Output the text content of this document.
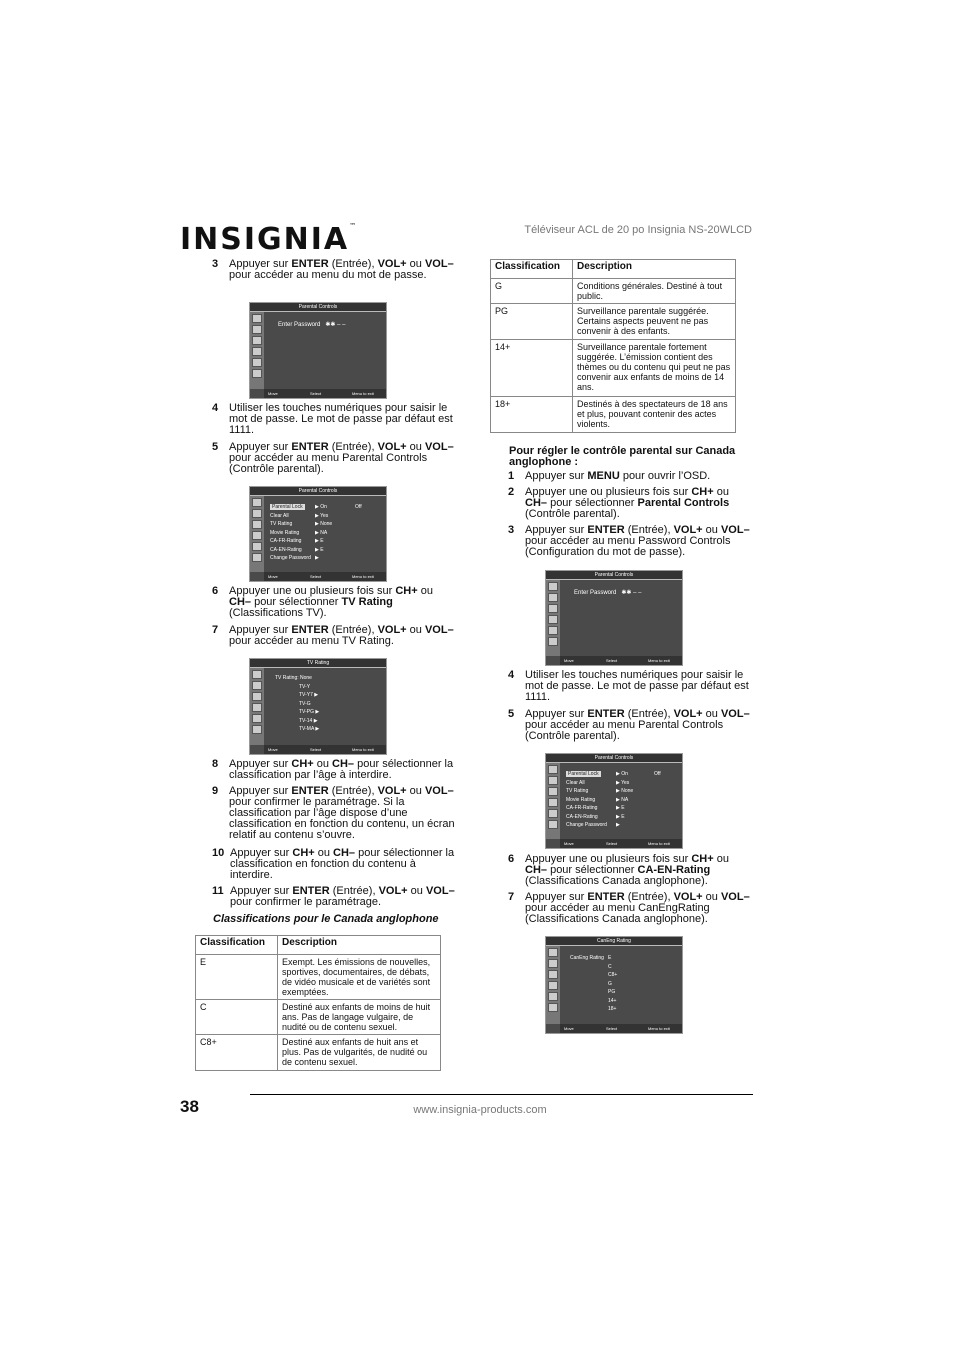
INSIGNIA™	Téléviseur ACL de 20 po Insignia NS-20WLCD
3 Appuyer sur ENTER (Entrée), VOL+ ou VOL– pour accéder au menu du mot de passe.
Parental Controls
Enter Password ✱✱ – –
Move	Select	Menu to exit
4 Utiliser les touches numériques pour saisir le mot de passe. Le mot de passe par défaut est 1111.
5 Appuyer sur ENTER (Entrée), VOL+ ou VOL– pour accéder au menu Parental Controls (Contrôle parental).
Parental Controls
Parental Lock ▶ On	Off
Clear All	▶ Yes
TV Rating	▶ None
Movie Rating	▶ NA
CA-FR-Rating	▶ E
CA-EN-Rating	▶ E
Change Password ▶
Move	Select	Menu to exit
6 Appuyer une ou plusieurs fois sur CH+ ou CH– pour sélectionner TV Rating (Classifications TV).
7 Appuyer sur ENTER (Entrée), VOL+ ou VOL– pour accéder au menu TV Rating.
TV Rating
TV Rating: None
TV-Y
TV-Y7 ▶
TV-G
TV-PG ▶
TV-14 ▶
TV-MA ▶
Move	Select	Menu to exit
8 Appuyer sur CH+ ou CH– pour sélectionner la classification par l’âge à interdire.
9 Appuyer sur ENTER (Entrée), VOL+ ou VOL– pour confirmer le paramétrage. Si la classification par l’âge dispose d’une classification en fonction du contenu, un écran relatif au contenu s’ouvre.
10 Appuyer sur CH+ ou CH– pour sélectionner la classification en fonction du contenu à interdire.
11 Appuyer sur ENTER (Entrée), VOL+ ou VOL– pour confirmer le paramétrage.
Classifications pour le Canada anglophone
Classification	Description
E	Exempt. Les émissions de nouvelles, sportives, documentaires, de débats, de vidéo musicale et de variétés sont exemptées.
C	Destiné aux enfants de moins de huit ans. Pas de langage vulgaire, de nudité ou de contenu sexuel.
C8+	Destiné aux enfants de huit ans et plus. Pas de vulgarités, de nudité ou de contenu sexuel.
Classification	Description
G	Conditions générales. Destiné à tout public.
PG	Surveillance parentale suggérée. Certains aspects peuvent ne pas convenir à des enfants.
14+	Surveillance parentale fortement suggérée. L’émission contient des thèmes ou du contenu qui peut ne pas convenir aux enfants de moins de 14 ans.
18+	Destinés à des spectateurs de 18 ans et plus, pouvant contenir des actes violents.
Pour régler le contrôle parental sur Canada anglophone :
1 Appuyer sur MENU pour ouvrir l’OSD.
2 Appuyer une ou plusieurs fois sur CH+ ou CH– pour sélectionner Parental Controls (Contrôle parental).
3 Appuyer sur ENTER (Entrée), VOL+ ou VOL– pour accéder au menu Password Controls (Configuration du mot de passe).
Parental Controls
Enter Password ✱✱ – –
Move	Select	Menu to exit
4 Utiliser les touches numériques pour saisir le mot de passe. Le mot de passe par défaut est 1111.
5 Appuyer sur ENTER (Entrée), VOL+ ou VOL– pour accéder au menu Parental Controls (Contrôle parental).
Parental Controls
Parental Lock	▶ On	Off
Clear All	▶ Yes
TV Rating	▶ None
Movie Rating	▶ NA
CA-FR-Rating	▶ E
CA-EN-Rating	▶ E
Change Password ▶
Move	Select	Menu to exit
6 Appuyer une ou plusieurs fois sur CH+ ou CH– pour sélectionner CA-EN-Rating (Classifications Canada anglophone).
7 Appuyer sur ENTER (Entrée), VOL+ ou VOL– pour accéder au menu CanEngRating (Classifications Canada anglophone).
CanEng Rating
CanEng Rating E
C
C8+
G
PG
14+
18+
Move	Select	Menu to exit
38	www.insignia-products.com
